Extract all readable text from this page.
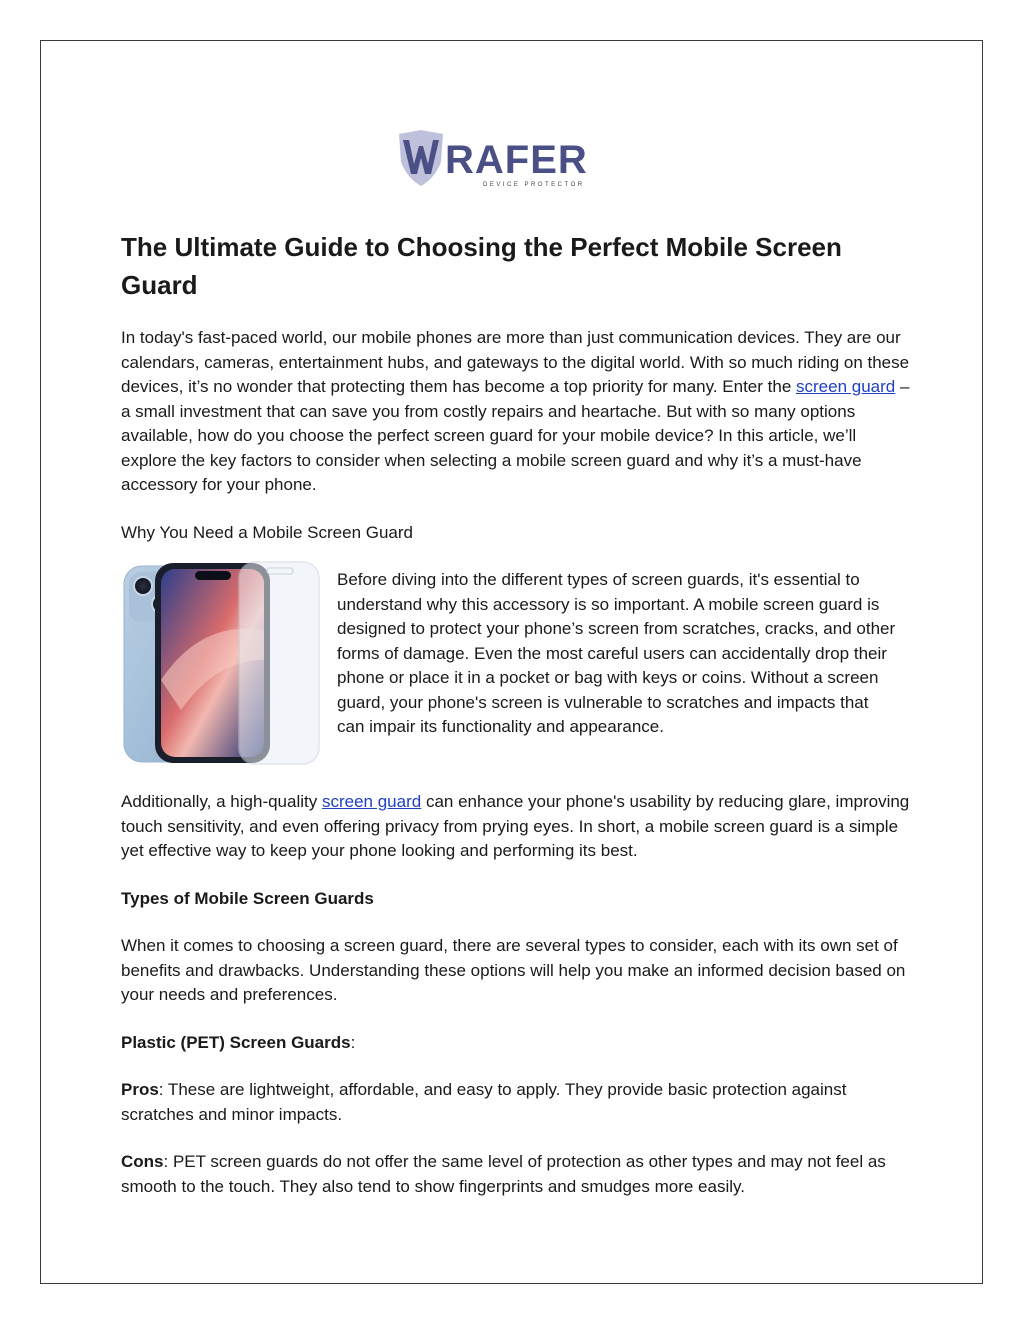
RAFER
DEVICE PROTECTOR
The Ultimate Guide to Choosing the Perfect Mobile Screen Guard

In today's fast-paced world, our mobile phones are more than just communication devices. They are our calendars, cameras, entertainment hubs, and gateways to the digital world. With so much riding on these devices, it’s no wonder that protecting them has become a top priority for many. Enter the screen guard – a small investment that can save you from costly repairs and heartache. But with so many options available, how do you choose the perfect screen guard for your mobile device? In this article, we’ll explore the key factors to consider when selecting a mobile screen guard and why it’s a must-have accessory for your phone.

Why You Need a Mobile Screen Guard

Before diving into the different types of screen guards, it's essential to understand why this accessory is so important. A mobile screen guard is designed to protect your phone’s screen from scratches, cracks, and other forms of damage. Even the most careful users can accidentally drop their phone or place it in a pocket or bag with keys or coins. Without a screen guard, your phone's screen is vulnerable to scratches and impacts that can impair its functionality and appearance.

Additionally, a high-quality screen guard can enhance your phone's usability by reducing glare, improving touch sensitivity, and even offering privacy from prying eyes. In short, a mobile screen guard is a simple yet effective way to keep your phone looking and performing its best.

Types of Mobile Screen Guards

When it comes to choosing a screen guard, there are several types to consider, each with its own set of benefits and drawbacks. Understanding these options will help you make an informed decision based on your needs and preferences.

Plastic (PET) Screen Guards:

Pros: These are lightweight, affordable, and easy to apply. They provide basic protection against scratches and minor impacts.

Cons: PET screen guards do not offer the same level of protection as other types and may not feel as smooth to the touch. They also tend to show fingerprints and smudges more easily.
